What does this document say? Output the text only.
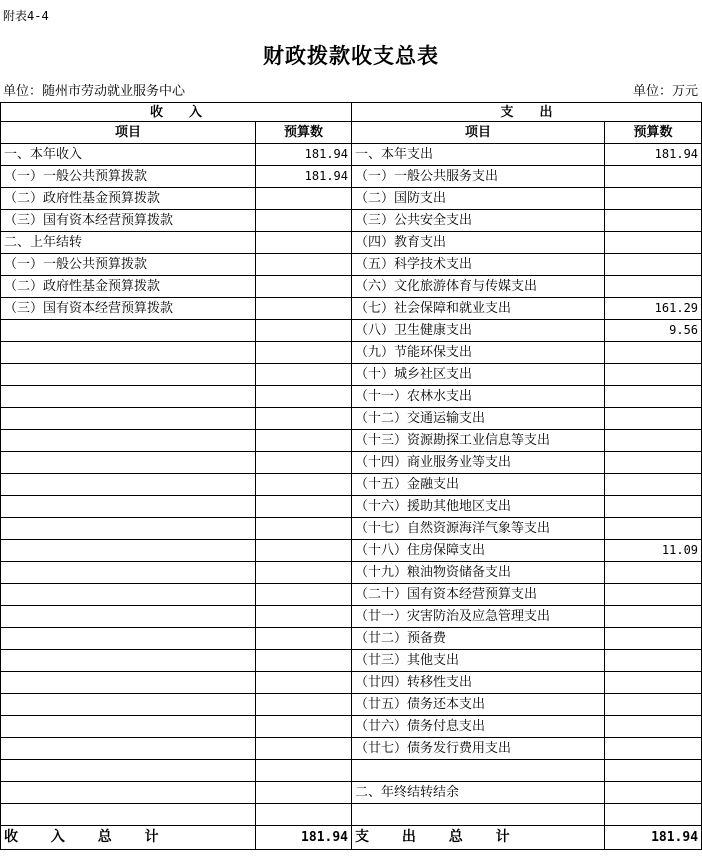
附表4-4
财政拨款收支总表
单位：随州市劳动就业服务中心	单位：万元
收　　入		支　　出	
项目	预算数	项目	预算数
一、本年收入	181.94	一、本年支出	181.94
（一）一般公共预算拨款	181.94	（一）一般公共服务支出	
（二）政府性基金预算拨款		（二）国防支出	
（三）国有资本经营预算拨款		（三）公共安全支出	
二、上年结转		（四）教育支出	
（一）一般公共预算拨款		（五）科学技术支出	
（二）政府性基金预算拨款		（六）文化旅游体育与传媒支出	
（三）国有资本经营预算拨款		（七）社会保障和就业支出	161.29
		（八）卫生健康支出	9.56
		（九）节能环保支出	
		（十）城乡社区支出	
		（十一）农林水支出	
		（十二）交通运输支出	
		（十三）资源勘探工业信息等支出	
		（十四）商业服务业等支出	
		（十五）金融支出	
		（十六）援助其他地区支出	
		（十七）自然资源海洋气象等支出	
		（十八）住房保障支出	11.09
		（十九）粮油物资储备支出	
		（二十）国有资本经营预算支出	
		（廿一）灾害防治及应急管理支出	
		（廿二）预备费	
		（廿三）其他支出	
		（廿四）转移性支出	
		（廿五）债务还本支出	
		（廿六）债务付息支出	
		（廿七）债务发行费用支出	

		二、年终结转结余	

收 入 总 计	181.94	支 出 总 计	181.94
